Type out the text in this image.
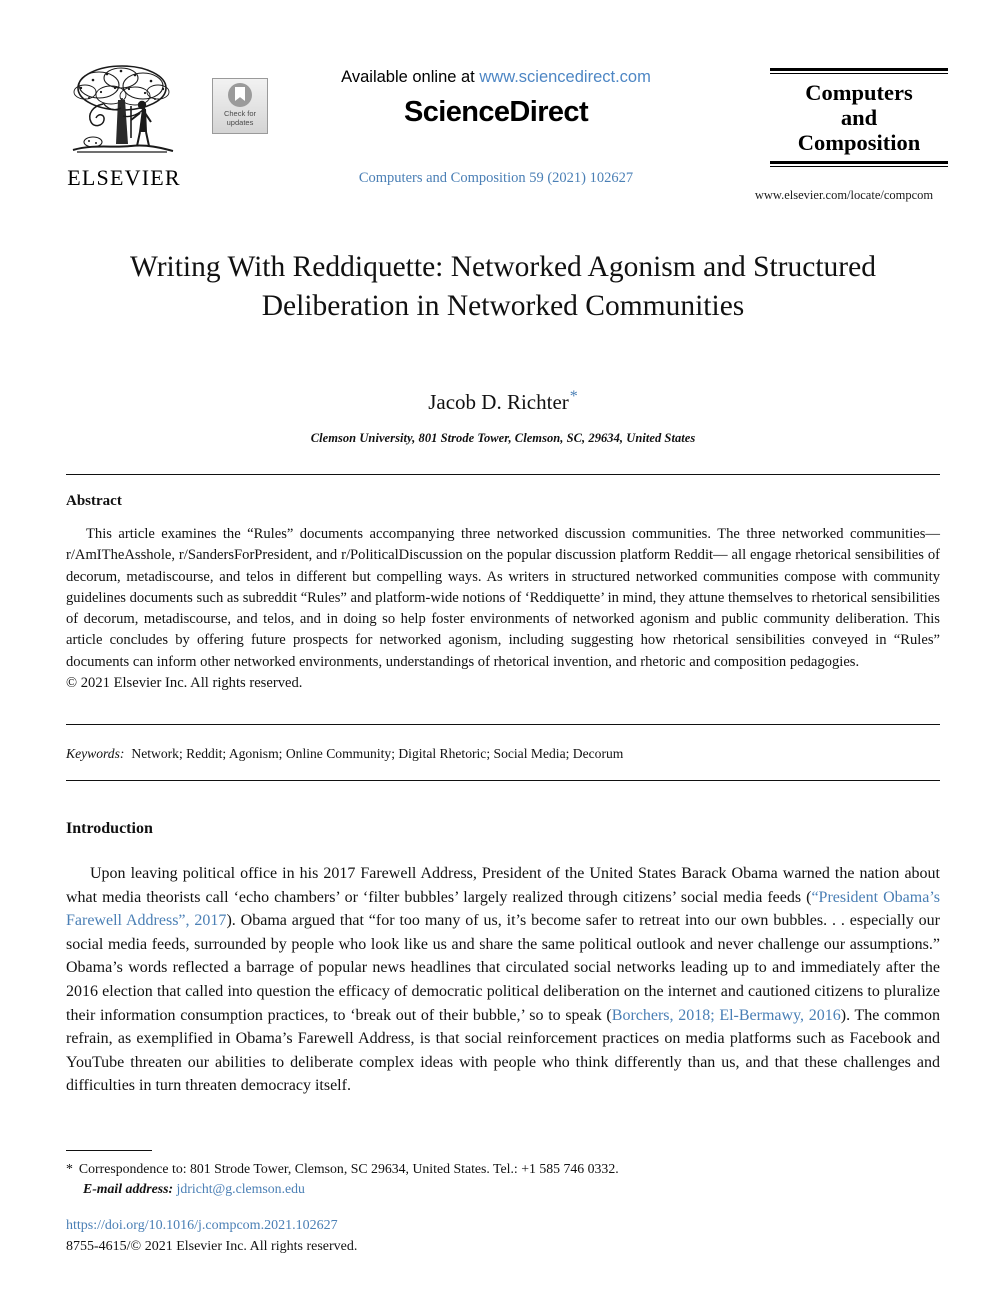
ELSEVIER
Check for
updates
Available online at www.sciencedirect.com
ScienceDirect
Computers and Composition 59 (2021) 102627
Computers
and
Composition
www.elsevier.com/locate/compcom
Writing With Reddiquette: Networked Agonism and Structured Deliberation in Networked Communities
Jacob D. Richter*
Clemson University, 801 Strode Tower, Clemson, SC, 29634, United States
Abstract

This article examines the “Rules” documents accompanying three networked discussion communities. The three networked communities— r/AmITheAsshole, r/SandersForPresident, and r/PoliticalDiscussion on the popular discussion platform Reddit— all engage rhetorical sensibilities of decorum, metadiscourse, and telos in different but compelling ways. As writers in structured networked communities compose with community guidelines documents such as subreddit “Rules” and platform-wide notions of ‘Reddiquette’ in mind, they attune themselves to rhetorical sensibilities of decorum, metadiscourse, and telos, and in doing so help foster environments of networked agonism and public community deliberation. This article concludes by offering future prospects for networked agonism, including suggesting how rhetorical sensibilities conveyed in “Rules” documents can inform other networked environments, understandings of rhetorical invention, and rhetoric and composition pedagogies.

© 2021 Elsevier Inc. All rights reserved.

Keywords: Network; Reddit; Agonism; Online Community; Digital Rhetoric; Social Media; Decorum
Introduction

Upon leaving political office in his 2017 Farewell Address, President of the United States Barack Obama warned the nation about what media theorists call ‘echo chambers’ or ‘filter bubbles’ largely realized through citizens’ social media feeds (“President Obama’s Farewell Address”, 2017). Obama argued that “for too many of us, it’s become safer to retreat into our own bubbles. . . especially our social media feeds, surrounded by people who look like us and share the same political outlook and never challenge our assumptions.” Obama’s words reflected a barrage of popular news headlines that circulated social networks leading up to and immediately after the 2016 election that called into question the efficacy of democratic political deliberation on the internet and cautioned citizens to pluralize their information consumption practices, to ‘break out of their bubble,’ so to speak (Borchers, 2018; El-Bermawy, 2016). The common refrain, as exemplified in Obama’s Farewell Address, is that social reinforcement practices on media platforms such as Facebook and YouTube threaten our abilities to deliberate complex ideas with people who think differently than us, and that these challenges and difficulties in turn threaten democracy itself.

* Correspondence to: 801 Strode Tower, Clemson, SC 29634, United States. Tel.: +1 585 746 0332.
E-mail address: jdricht@g.clemson.edu
https://doi.org/10.1016/j.compcom.2021.102627
8755-4615/© 2021 Elsevier Inc. All rights reserved.
